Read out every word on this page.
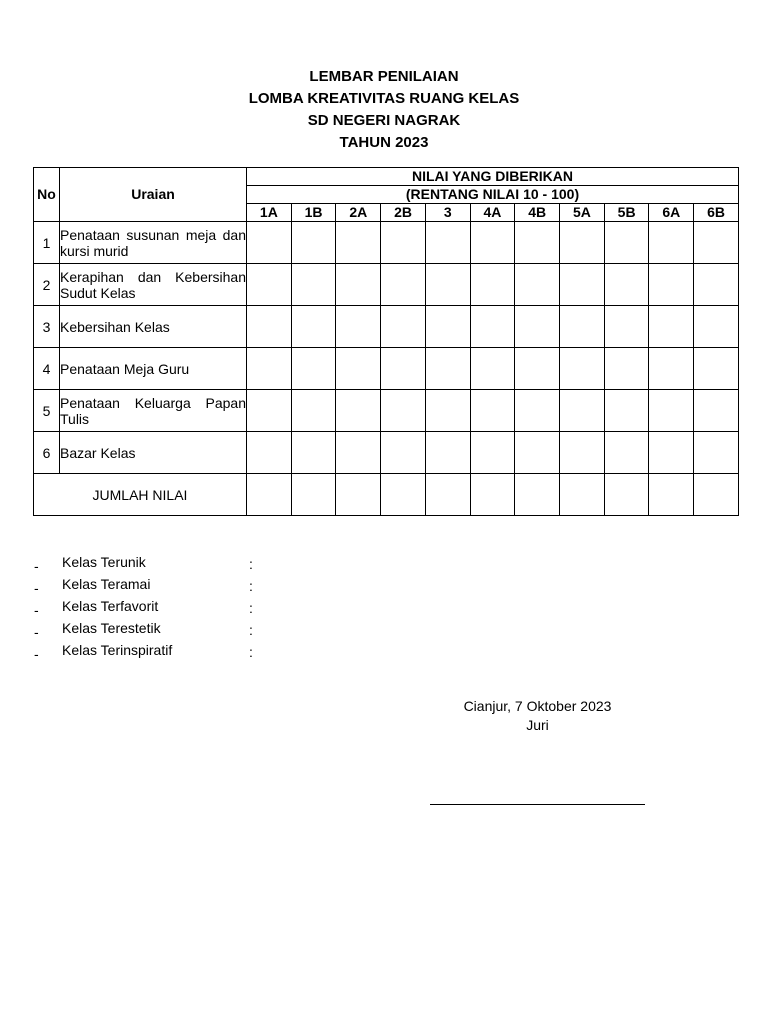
LEMBAR PENILAIAN
LOMBA KREATIVITAS RUANG KELAS
SD NEGERI NAGRAK
TAHUN 2023
No	Uraian	NILAI YANG DIBERIKAN										
		(RENTANG NILAI 10 - 100)										
		1A	1B	2A	2B	3	4A	4B	5A	5B	6A	6B
1	Penataan susunan meja dan kursi murid											
2	Kerapihan dan Kebersihan Sudut Kelas											
3	Kebersihan Kelas											
4	Penataan Meja Guru											
5	Penataan Keluarga Papan Tulis											
6	Bazar Kelas											
JUMLAH NILAI												
- Kelas Terunik	:
- Kelas Teramai	:
- Kelas Terfavorit	:
- Kelas Terestetik	:
- Kelas Terinspiratif	:
Cianjur, 7 Oktober 2023
Juri
